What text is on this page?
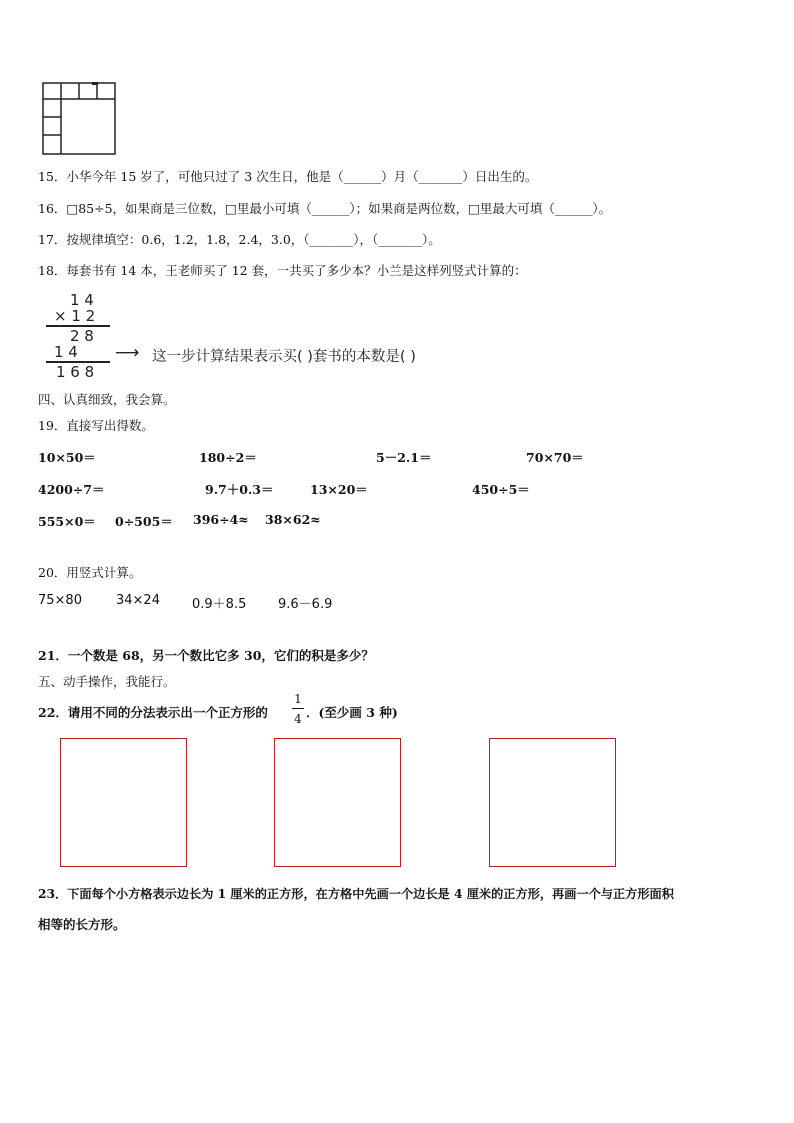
15．小华今年 15 岁了，可他只过了 3 次生日，他是（______）月（_______）日出生的。
16．□85÷5，如果商是三位数，□里最小可填（______）；如果商是两位数，□里最大可填（______）。
17．按规律填空：0.6，1.2，1.8，2.4，3.0，（_______），（_______）。
18．每套书有 14 本，王老师买了 12 套，一共买了多少本？小兰是这样列竖式计算的：
1 4
× 1 2
2 8
1 4
1 6 8
⟶ 这一步计算结果表示买( )套书的本数是( )
四、认真细致，我会算。
19．直接写出得数。
10×50＝	180÷2＝	5－2.1＝	70×70＝
4200÷7＝	9.7＋0.3＝	13×20＝	450÷5＝
555×0＝ 0÷505＝ 396÷4≈ 38×62≈
20．用竖式计算。
75×80	34×24 0.9＋8.5 9.6－6.9
21．一个数是 68，另一个数比它多 30，它们的积是多少？
五、动手操作，我能行。
22．请用不同的分法表示出一个正方形的
1
4 ．(至少画 3 种)
23．下面每个小方格表示边长为 1 厘米的正方形，在方格中先画一个边长是 4 厘米的正方形，再画一个与正方形面积
相等的长方形。
